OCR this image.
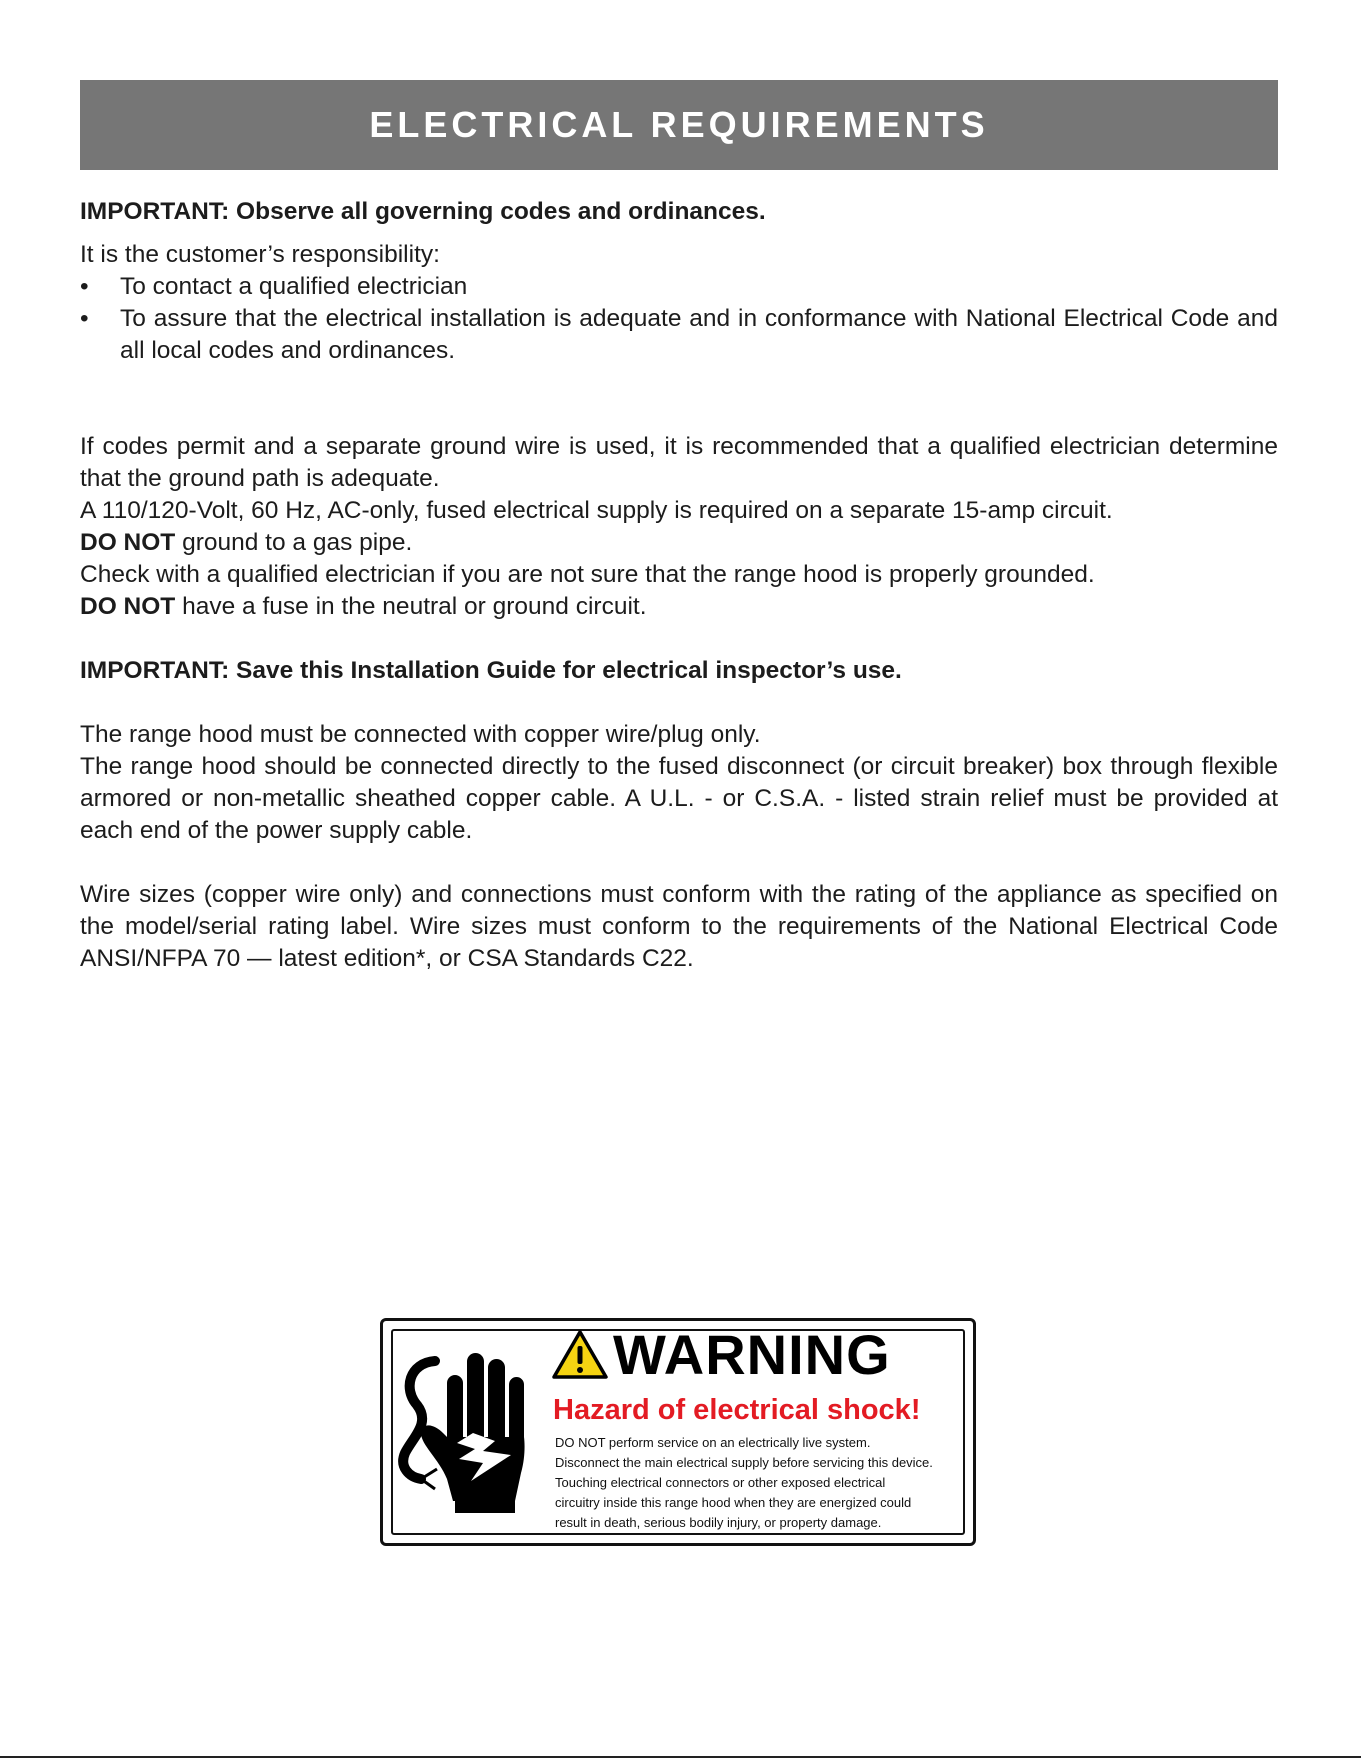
ELECTRICAL REQUIREMENTS

IMPORTANT: Observe all governing codes and ordinances.

It is the customer’s responsibility:

•	To contact a qualified electrician
•	To assure that the electrical installation is adequate and in conformance with National Electrical Code and all local codes and ordinances.

If codes permit and a separate ground wire is used, it is recommended that a qualified electrician determine that the ground path is adequate.

A 110/120-Volt, 60 Hz, AC-only, fused electrical supply is required on a separate 15-amp circuit.

DO NOT ground to a gas pipe.

Check with a qualified electrician if you are not sure that the range hood is properly grounded.

DO NOT have a fuse in the neutral or ground circuit.

IMPORTANT: Save this Installation Guide for electrical inspector’s use.

The range hood must be connected with copper wire/plug only.

The range hood should be connected directly to the fused disconnect (or circuit breaker) box through flexible armored or non-metallic sheathed copper cable. A U.L. - or C.S.A. - listed strain relief must be provided at each end of the power supply cable.

Wire sizes (copper wire only) and connections must conform with the rating of the appliance as specified on the model/serial rating label. Wire sizes must conform to the requirements of the National Electrical Code ANSI/NFPA 70 — latest edition*, or CSA Standards C22.

WARNING
Hazard of electrical shock!
DO NOT perform service on an electrically live system.
Disconnect the main electrical supply before servicing this device.
Touching electrical connectors or other exposed electrical
circuitry inside this range hood when they are energized could
result in death, serious bodily injury, or property damage.
